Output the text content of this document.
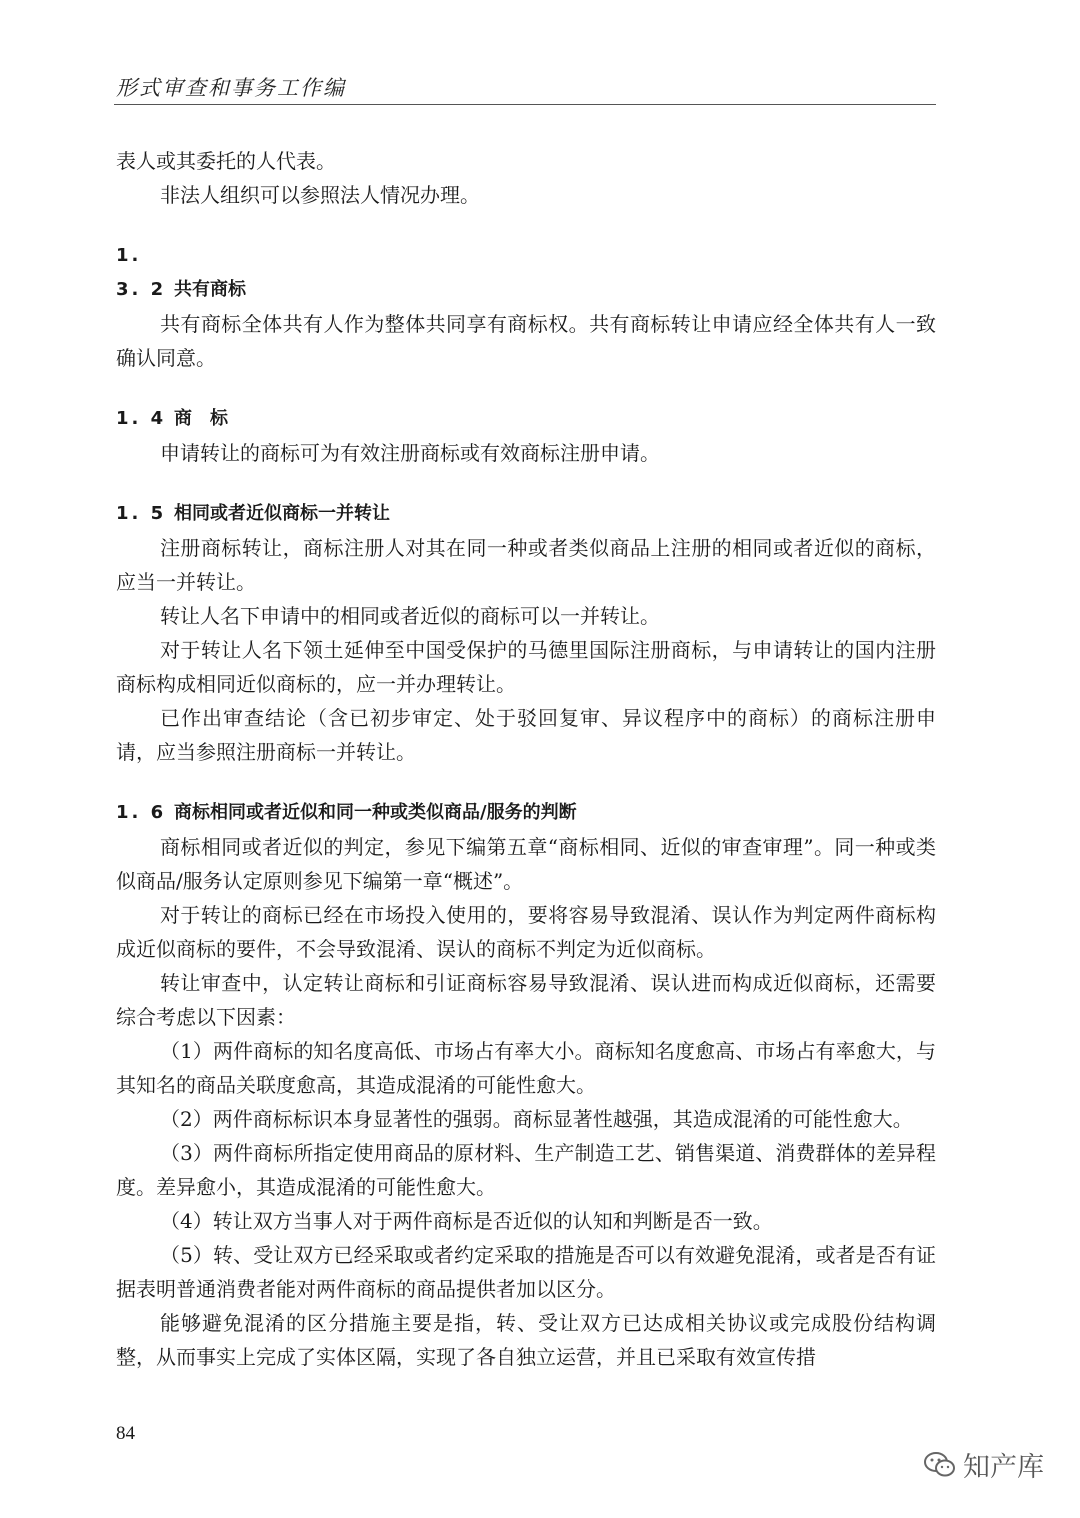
形式审查和事务工作编

表人或其委托的人代表。

非法人组织可以参照法人情况办理。

1. 3. 2 共有商标

共有商标全体共有人作为整体共同享有商标权。共有商标转让申请应经全体共有人一致确认同意。

1. 4 商　标

申请转让的商标可为有效注册商标或有效商标注册申请。

1. 5 相同或者近似商标一并转让

注册商标转让，商标注册人对其在同一种或者类似商品上注册的相同或者近似的商标，应当一并转让。

转让人名下申请中的相同或者近似的商标可以一并转让。

对于转让人名下领土延伸至中国受保护的马德里国际注册商标，与申请转让的国内注册商标构成相同近似商标的，应一并办理转让。

已作出审查结论（含已初步审定、处于驳回复审、异议程序中的商标）的商标注册申请，应当参照注册商标一并转让。

1. 6 商标相同或者近似和同一种或类似商品/服务的判断

商标相同或者近似的判定，参见下编第五章“商标相同、近似的审查审理”。同一种或类似商品/服务认定原则参见下编第一章“概述”。

对于转让的商标已经在市场投入使用的，要将容易导致混淆、误认作为判定两件商标构成近似商标的要件，不会导致混淆、误认的商标不判定为近似商标。

转让审查中，认定转让商标和引证商标容易导致混淆、误认进而构成近似商标，还需要综合考虑以下因素：

（1）两件商标的知名度高低、市场占有率大小。商标知名度愈高、市场占有率愈大，与其知名的商品关联度愈高，其造成混淆的可能性愈大。

（2）两件商标标识本身显著性的强弱。商标显著性越强，其造成混淆的可能性愈大。

（3）两件商标所指定使用商品的原材料、生产制造工艺、销售渠道、消费群体的差异程度。差异愈小，其造成混淆的可能性愈大。

（4）转让双方当事人对于两件商标是否近似的认知和判断是否一致。

（5）转、受让双方已经采取或者约定采取的措施是否可以有效避免混淆，或者是否有证据表明普通消费者能对两件商标的商品提供者加以区分。

能够避免混淆的区分措施主要是指，转、受让双方已达成相关协议或完成股份结构调整，从而事实上完成了实体区隔，实现了各自独立运营，并且已采取有效宣传措

84
知产库
